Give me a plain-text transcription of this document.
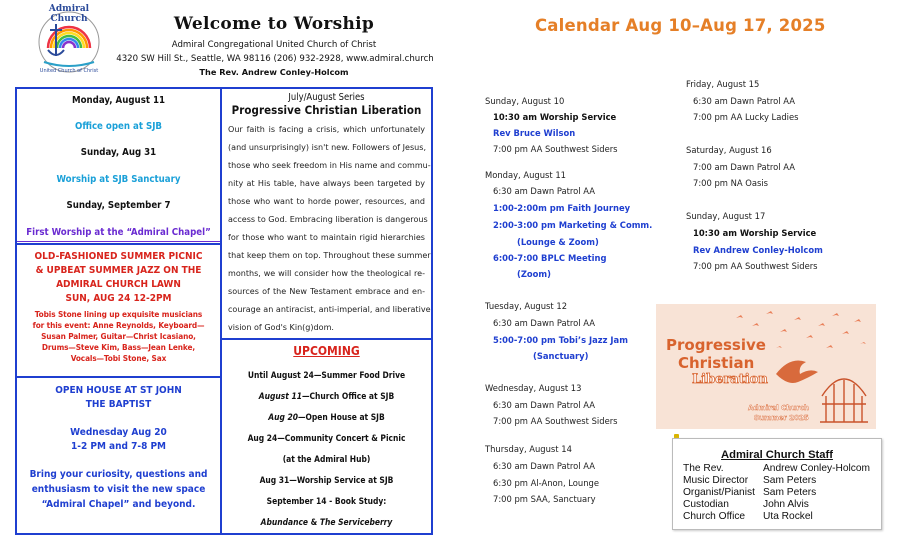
Admiral Church
United Church of Christ
Welcome to Worship
Admiral Congregational United Church of Christ
4320 SW Hill St., Seattle, WA 98116 (206) 932-2928, www.admiral.church
The Rev. Andrew Conley-Holcom
Monday, August 11
Office open at SJB
Sunday, Aug 31
Worship at SJB Sanctuary
Sunday, September 7
First Worship at the “Admiral Chapel”
OLD-FASHIONED SUMMER PICNIC
& UPBEAT SUMMER JAZZ ON THE
ADMIRAL CHURCH LAWN
SUN, AUG 24 12-2PM
Tobis Stone lining up exquisite musicians
for this event: Anne Reynolds, Keyboard—
Susan Palmer, Guitar—Christ Icasiano,
Drums—Steve Kim, Bass—Jean Lenke,
Vocals—Tobi Stone, Sax
OPEN HOUSE AT ST JOHN
THE BAPTIST
Wednesday Aug 20
1-2 PM and 7-8 PM
Bring your curiosity, questions and
enthusiasm to visit the new space
“Admiral Chapel” and beyond.
July/August Series
Progressive Christian Liberation
Our faith is facing a crisis, which unfortunately
(and unsurprisingly) isn't new. Followers of Jesus,
those who seek freedom in His name and commu-
nity at His table, have always been targeted by
those who want to horde power, resources, and
access to God. Embracing liberation is dangerous
for those who want to maintain rigid hierarchies
that keep them on top. Throughout these summer
months, we will consider how the theological re-
sources of the New Testament embrace and en-
courage an antiracist, anti-imperial, and liberative
vision of God's Kin(g)dom.
UPCOMING
Until August 24—Summer Food Drive
August 11—Church Office at SJB
Aug 20—Open House at SJB
Aug 24—Community Concert & Picnic
(at the Admiral Hub)
Aug 31—Worship Service at SJB
September 14 - Book Study:
Abundance & The Serviceberry
Calendar Aug 10–Aug 17, 2025
Sunday, August 10
10:30 am Worship Service
Rev Bruce Wilson
7:00 pm AA Southwest Siders
Monday, August 11
6:30 am Dawn Patrol AA
1:00-2:00m pm Faith Journey
2:00-3:00 pm Marketing & Comm.
(Lounge & Zoom)
6:00-7:00 BPLC Meeting
(Zoom)
Tuesday, August 12
6:30 am Dawn Patrol AA
5:00-7:00 pm Tobi’s Jazz Jam
(Sanctuary)
Wednesday, August 13
6:30 am Dawn Patrol AA
7:00 pm AA Southwest Siders
Thursday, August 14
6:30 am Dawn Patrol AA
6:30 pm Al-Anon, Lounge
7:00 pm SAA, Sanctuary
Friday, August 15
6:30 am Dawn Patrol AA
7:00 pm AA Lucky Ladies
Saturday, August 16
7:00 am Dawn Patrol AA
7:00 pm NA Oasis
Sunday, August 17
10:30 am Worship Service
Rev Andrew Conley-Holcom
7:00 pm AA Southwest Siders
Progressive
Christian
Liberation
Admiral Church
Summer 2025
Admiral Church Staff
The Rev.	Andrew Conley-Holcom
Music Director Sam Peters
Organist/Pianist Sam Peters
Custodian	John Alvis
Church Office Uta Rockel
